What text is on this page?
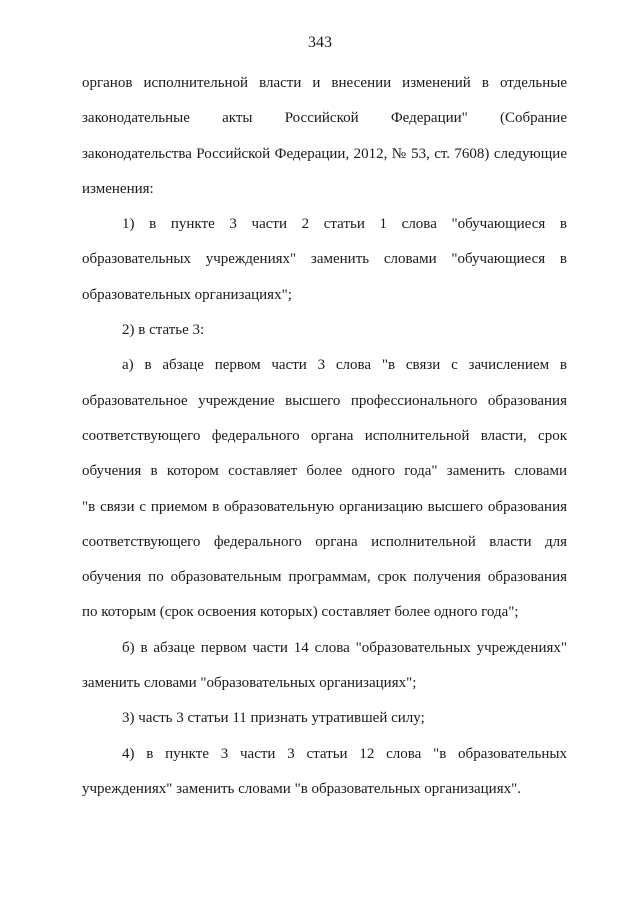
343
органов исполнительной власти и внесении изменений в отдельные
законодательные акты Российской Федерации" (Собрание
законодательства Российской Федерации, 2012, № 53, ст. 7608) следующие
изменения:
1) в пункте 3 части 2 статьи 1 слова "обучающиеся в
образовательных учреждениях" заменить словами "обучающиеся в
образовательных организациях";
2) в статье 3:
а) в абзаце первом части 3 слова "в связи с зачислением в
образовательное учреждение высшего профессионального образования
соответствующего федерального органа исполнительной власти, срок
обучения в котором составляет более одного года" заменить словами
"в связи с приемом в образовательную организацию высшего образования
соответствующего федерального органа исполнительной власти для
обучения по образовательным программам, срок получения образования
по которым (срок освоения которых) составляет более одного года";
б) в абзаце первом части 14 слова "образовательных учреждениях"
заменить словами "образовательных организациях";
3) часть 3 статьи 11 признать утратившей силу;
4) в пункте 3 части 3 статьи 12 слова "в образовательных
учреждениях" заменить словами "в образовательных организациях".
